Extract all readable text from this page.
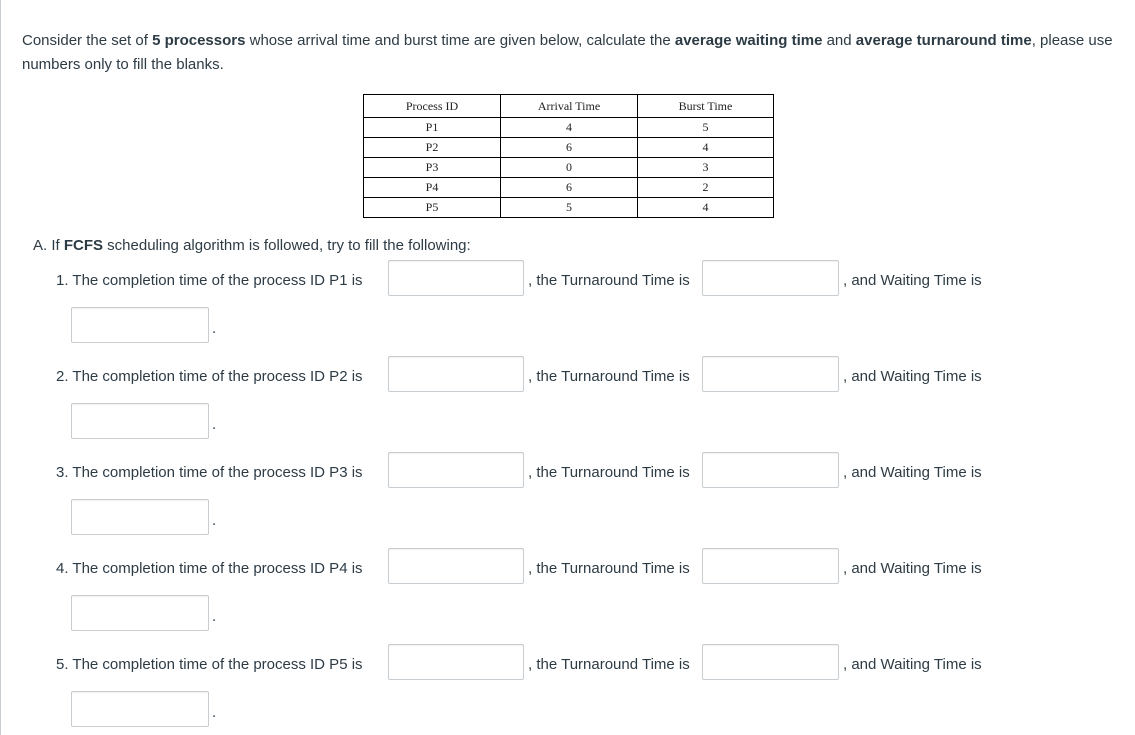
Consider the set of 5 processors whose arrival time and burst time are given below, calculate the average waiting time and average turnaround time, please use numbers only to fill the blanks.
Process ID	Arrival Time	Burst Time
P1	4	5
P2	6	4
P3	0	3
P4	6	2
P5	5	4
A. If FCFS scheduling algorithm is followed, try to fill the following:
1. The completion time of the process ID P1 is	, the Turnaround Time is	, and Waiting Time is
.
2. The completion time of the process ID P2 is	, the Turnaround Time is	, and Waiting Time is
.
3. The completion time of the process ID P3 is	, the Turnaround Time is	, and Waiting Time is
.
4. The completion time of the process ID P4 is	, the Turnaround Time is	, and Waiting Time is
.
5. The completion time of the process ID P5 is	, the Turnaround Time is	, and Waiting Time is
.
